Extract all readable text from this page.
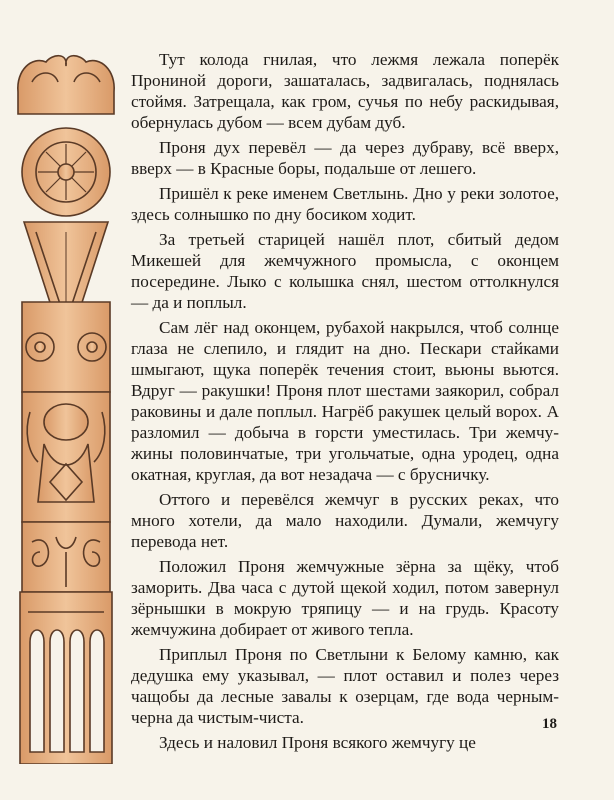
Тут колода гнилая, что лежмя лежала поперёк Прониной дороги, зашаталась, задвигалась, поднялась стоймя. Затрещала, как гром, сучья по небу раскидывая, обернулась дубом — всем дубам дуб.

Проня дух перевёл — да через дубраву, всё вверх, вверх — в Красные боры, подальше от лешего.

Пришёл к реке именем Светлынь. Дно у реки золотое, здесь солнышко по дну босиком ходит.

За третьей старицей нашёл плот, сбитый дедом Микешей для жемчужного промысла, с оконцем посередине. Лыко с колышка снял, шестом оттолкнулся — да и поплыл.

Сам лёг над оконцем, рубахой накрылся, чтоб солнце глаза не слепило, и глядит на дно. Пескари стайками шмыгают, щука поперёк течения стоит, вьюны вьются. Вдруг — ракушки! Проня плот шестами заякорил, собрал раковины и дале поплыл. Нагрёб ракушек целый ворох. А разломил — добыча в горсти уместилась. Три жемчужины половинчатые, три угольчатые, одна уродец, одна окатная, круглая, да вот незадача — с брусничку.

Оттого и перевёлся жемчуг в русских реках, что много хотели, да мало находили. Думали, жемчугу перевода нет.

Положил Проня жемчужные зёрна за щёку, чтоб заморить. Два часа с дутой щекой ходил, потом завернул зёрнышки в мокрую тряпицу — и на грудь. Красоту жемчужина добирает от живого тепла.

Приплыл Проня по Светлыни к Белому камню, как дедушка ему указывал, — плот оставил и полез через чащобы да лесные завалы к озерцам, где вода черным-черна да чистым-чиста.

Здесь и наловил Проня всякого жемчугу це

18
